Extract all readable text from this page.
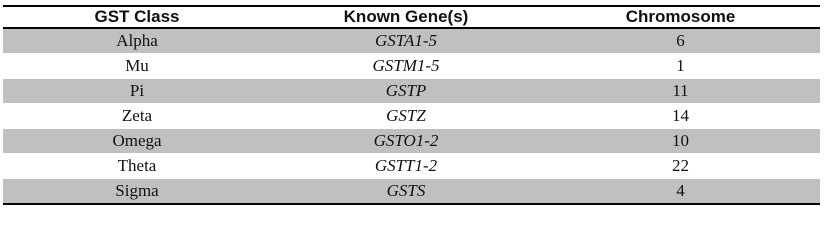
GST Class	Known Gene(s)	Chromosome
Alpha	GSTA1-5	6
Mu	GSTM1-5	1
Pi	GSTP	11
Zeta	GSTZ	14
Omega	GSTO1-2	10
Theta	GSTT1-2	22
Sigma	GSTS	4
